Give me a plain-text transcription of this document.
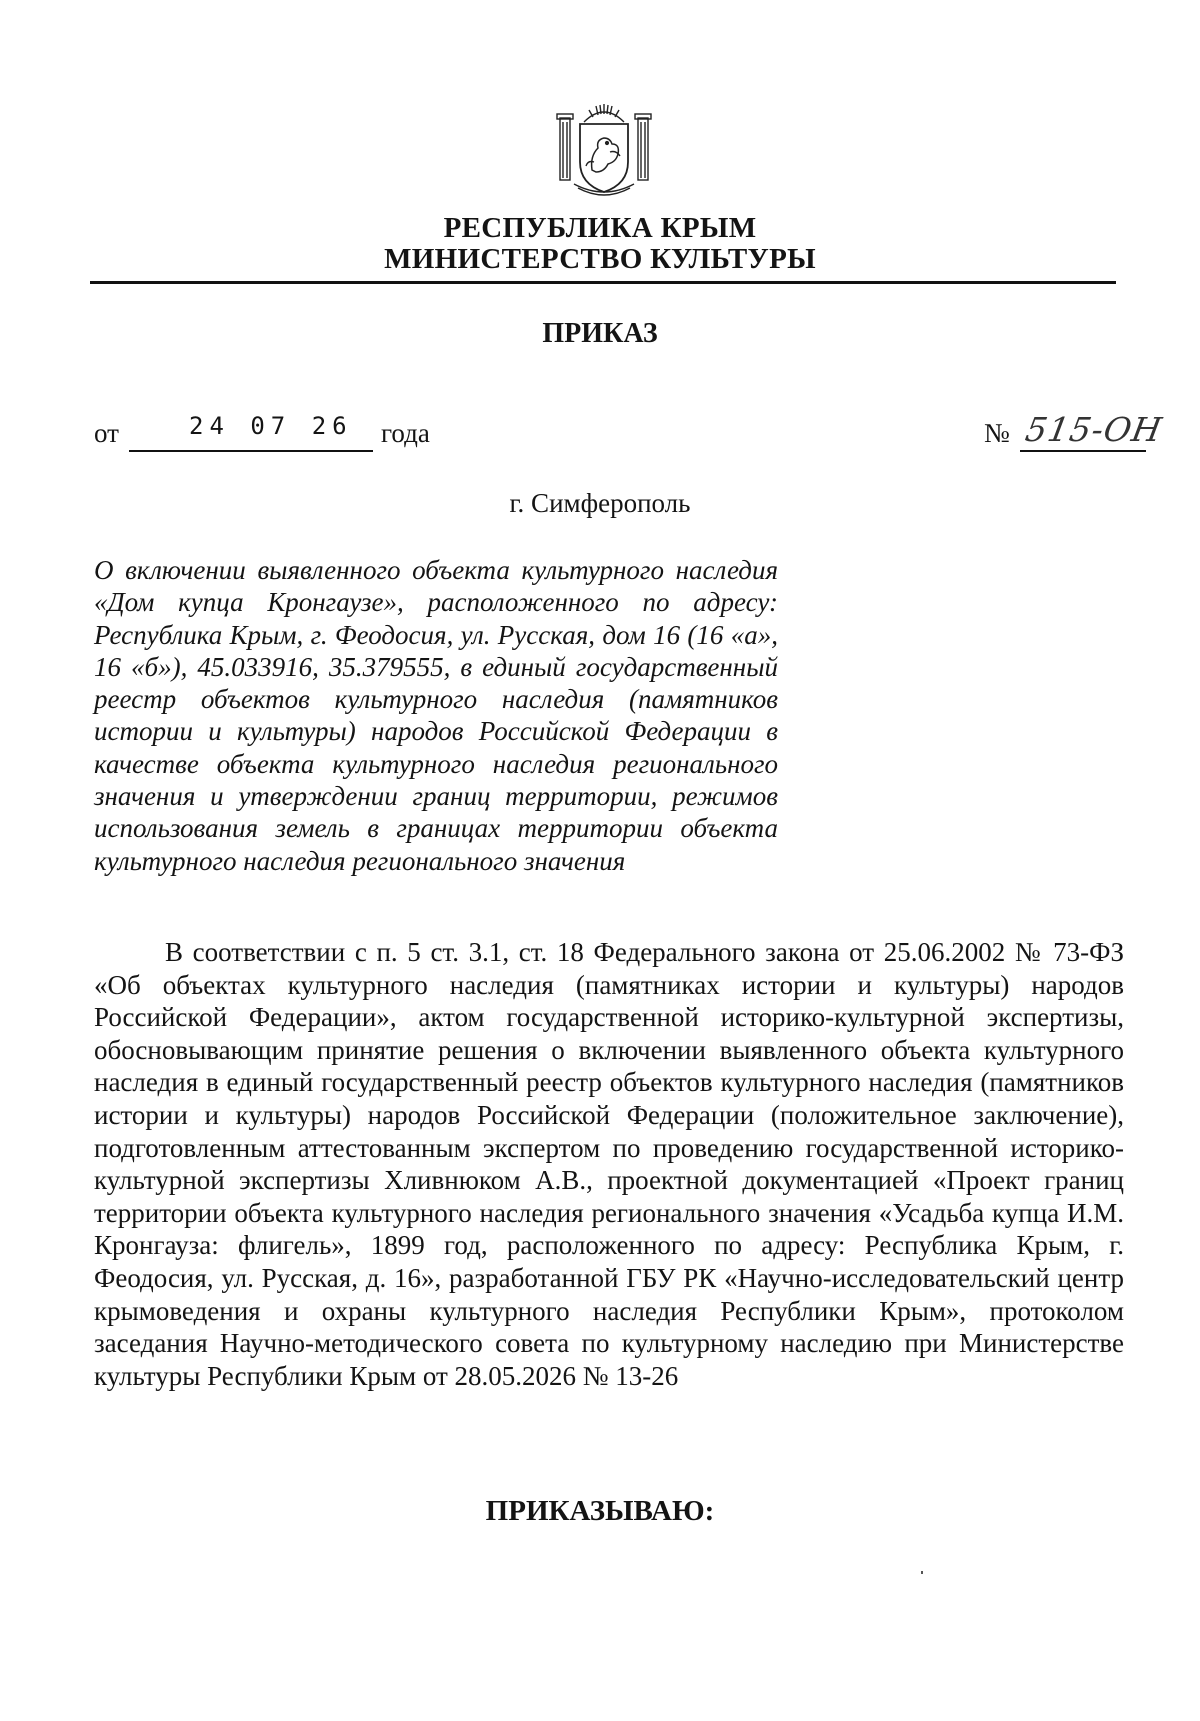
РЕСПУБЛИКА КРЫМ
МИНИСТЕРСТВО КУЛЬТУРЫ
ПРИКАЗ
от	24 07 26 года	№ 515-ОН
г. Симферополь

О включении выявленного объекта культурного наследия «Дом купца Кронгаузе», расположенного по адресу: Республика Крым, г. Феодосия, ул. Русская, дом 16 (16 «а», 16 «б»), 45.033916, 35.379555, в единый государственный реестр объектов культурного наследия (памятников истории и культуры) народов Российской Федерации в качестве объекта культурного наследия регионального значения и утверждении границ территории, режимов использования земель в границах территории объекта культурного наследия регионального значения

В соответствии с п. 5 ст. 3.1, ст. 18 Федерального закона от 25.06.2002 № 73-ФЗ «Об объектах культурного наследия (памятниках истории и культуры) народов Российской Федерации», актом государственной историко-культурной экспертизы, обосновывающим принятие решения о включении выявленного объекта культурного наследия в единый государственный реестр объектов культурного наследия (памятников истории и культуры) народов Российской Федерации (положительное заключение), подготовленным аттестованным экспертом по проведению государственной историко-культурной экспертизы Хливнюком А.В., проектной документацией «Проект границ территории объекта культурного наследия регионального значения «Усадьба купца И.М. Кронгауза: флигель», 1899 год, расположенного по адресу: Республика Крым, г. Феодосия, ул. Русская, д. 16», разработанной ГБУ РК «Научно-исследовательский центр крымоведения и охраны культурного наследия Республики Крым», протоколом заседания Научно-методического совета по культурному наследию при Министерстве культуры Республики Крым от 28.05.2026 № 13-26

ПРИКАЗЫВАЮ:
